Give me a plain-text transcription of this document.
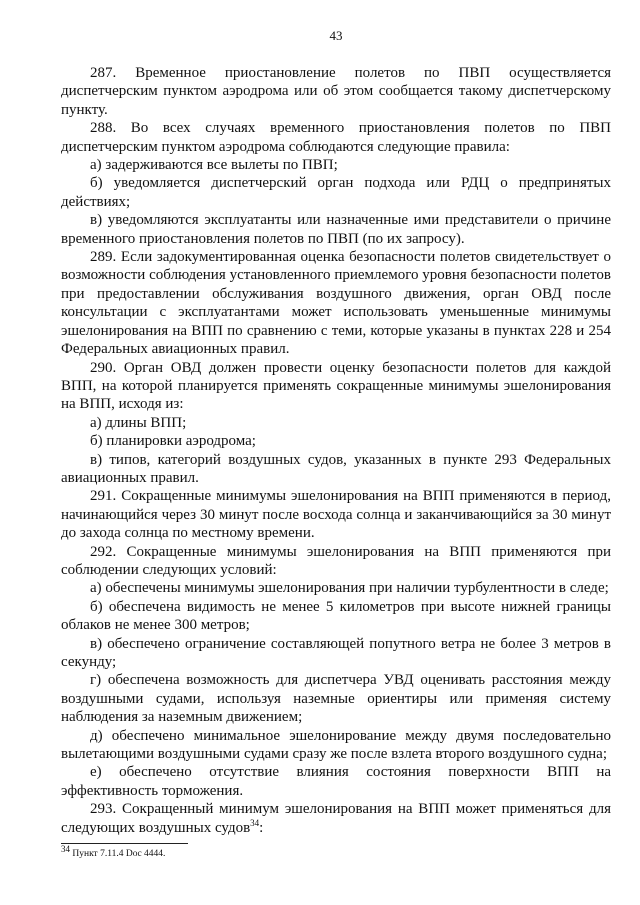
43

287. Временное приостановление полетов по ПВП осуществляется диспетчерским пунктом аэродрома или об этом сообщается такому диспетчерскому пункту.

288. Во всех случаях временного приостановления полетов по ПВП диспетчерским пунктом аэродрома соблюдаются следующие правила:

а) задерживаются все вылеты по ПВП;

б) уведомляется диспетчерский орган подхода или РДЦ о предпринятых действиях;

в) уведомляются эксплуатанты или назначенные ими представители о причине временного приостановления полетов по ПВП (по их запросу).

289. Если задокументированная оценка безопасности полетов свидетельствует о возможности соблюдения установленного приемлемого уровня безопасности полетов при предоставлении обслуживания воздушного движения, орган ОВД после консультации с эксплуатантами может использовать уменьшенные минимумы эшелонирования на ВПП по сравнению с теми, которые указаны в пунктах 228 и 254 Федеральных авиационных правил.

290. Орган ОВД должен провести оценку безопасности полетов для каждой ВПП, на которой планируется применять сокращенные минимумы эшелонирования на ВПП, исходя из:

а) длины ВПП;

б) планировки аэродрома;

в) типов, категорий воздушных судов, указанных в пункте 293 Федеральных авиационных правил.

291. Сокращенные минимумы эшелонирования на ВПП применяются в период, начинающийся через 30 минут после восхода солнца и заканчивающийся за 30 минут до захода солнца по местному времени.

292. Сокращенные минимумы эшелонирования на ВПП применяются при соблюдении следующих условий:

а) обеспечены минимумы эшелонирования при наличии турбулентности в следе;

б) обеспечена видимость не менее 5 километров при высоте нижней границы облаков не менее 300 метров;

в) обеспечено ограничение составляющей попутного ветра не более 3 метров в секунду;

г) обеспечена возможность для диспетчера УВД оценивать расстояния между воздушными судами, используя наземные ориентиры или применяя систему наблюдения за наземным движением;

д) обеспечено минимальное эшелонирование между двумя последовательно вылетающими воздушными судами сразу же после взлета второго воздушного судна;

е) обеспечено отсутствие влияния состояния поверхности ВПП на эффективность торможения.

293. Сокращенный минимум эшелонирования на ВПП может применяться для следующих воздушных судов$^{34}$:

$^{34}$ Пункт 7.11.4 Doc 4444.
